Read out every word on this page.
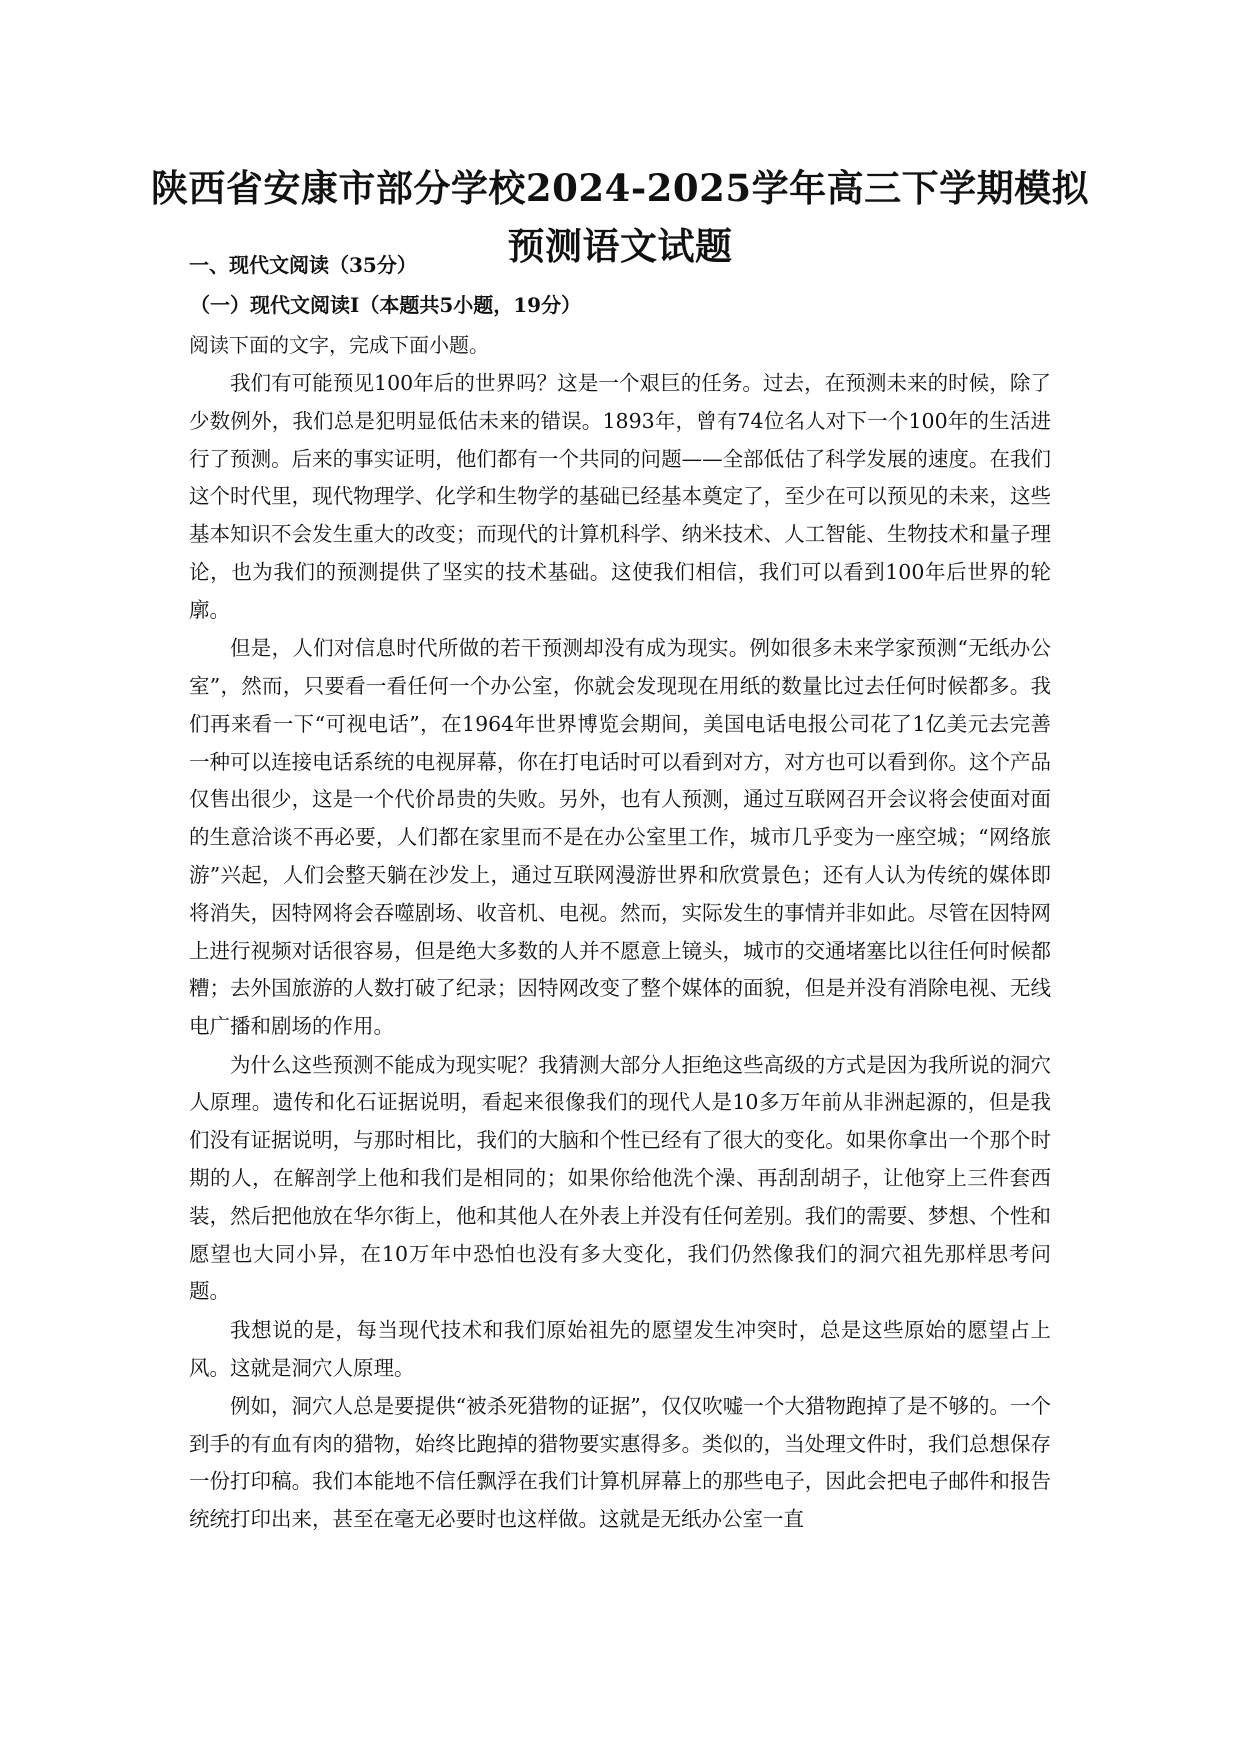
陕西省安康市部分学校2024-2025学年高三下学期模拟
预测语文试题
一、现代文阅读（35分）
（一）现代文阅读Ⅰ（本题共5小题，19分）
阅读下面的文字，完成下面小题。

我们有可能预见100年后的世界吗？这是一个艰巨的任务。过去，在预测未来的时候，除了少数例外，我们总是犯明显低估未来的错误。1893年，曾有74位名人对下一个100年的生活进行了预测。后来的事实证明，他们都有一个共同的问题——全部低估了科学发展的速度。在我们这个时代里，现代物理学、化学和生物学的基础已经基本奠定了，至少在可以预见的未来，这些基本知识不会发生重大的改变；而现代的计算机科学、纳米技术、人工智能、生物技术和量子理论，也为我们的预测提供了坚实的技术基础。这使我们相信，我们可以看到100年后世界的轮廓。

但是，人们对信息时代所做的若干预测却没有成为现实。例如很多未来学家预测“无纸办公室”，然而，只要看一看任何一个办公室，你就会发现现在用纸的数量比过去任何时候都多。我们再来看一下“可视电话”，在1964年世界博览会期间，美国电话电报公司花了1亿美元去完善一种可以连接电话系统的电视屏幕，你在打电话时可以看到对方，对方也可以看到你。这个产品仅售出很少，这是一个代价昂贵的失败。另外，也有人预测，通过互联网召开会议将会使面对面的生意洽谈不再必要，人们都在家里而不是在办公室里工作，城市几乎变为一座空城；“网络旅游”兴起，人们会整天躺在沙发上，通过互联网漫游世界和欣赏景色；还有人认为传统的媒体即将消失，因特网将会吞噬剧场、收音机、电视。然而，实际发生的事情并非如此。尽管在因特网上进行视频对话很容易，但是绝大多数的人并不愿意上镜头，城市的交通堵塞比以往任何时候都糟；去外国旅游的人数打破了纪录；因特网改变了整个媒体的面貌，但是并没有消除电视、无线电广播和剧场的作用。

为什么这些预测不能成为现实呢？我猜测大部分人拒绝这些高级的方式是因为我所说的洞穴人原理。遗传和化石证据说明，看起来很像我们的现代人是10多万年前从非洲起源的，但是我们没有证据说明，与那时相比，我们的大脑和个性已经有了很大的变化。如果你拿出一个那个时期的人，在解剖学上他和我们是相同的；如果你给他洗个澡、再刮刮胡子，让他穿上三件套西装，然后把他放在华尔街上，他和其他人在外表上并没有任何差别。我们的需要、梦想、个性和愿望也大同小异，在10万年中恐怕也没有多大变化，我们仍然像我们的洞穴祖先那样思考问题。

我想说的是，每当现代技术和我们原始祖先的愿望发生冲突时，总是这些原始的愿望占上风。这就是洞穴人原理。

例如，洞穴人总是要提供“被杀死猎物的证据”，仅仅吹嘘一个大猎物跑掉了是不够的。一个到手的有血有肉的猎物，始终比跑掉的猎物要实惠得多。类似的，当处理文件时，我们总想保存一份打印稿。我们本能地不信任飘浮在我们计算机屏幕上的那些电子，因此会把电子邮件和报告统统打印出来，甚至在毫无必要时也这样做。这就是无纸办公室一直
